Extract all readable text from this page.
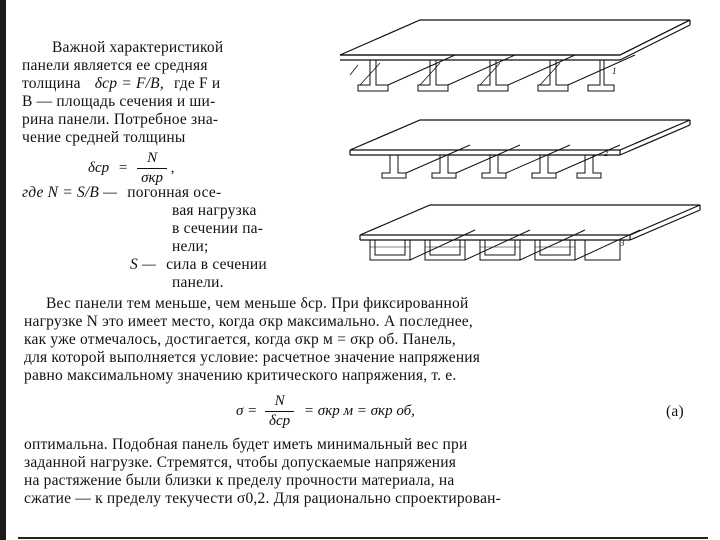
Важной характеристикой
панели является ее средняя
толщина δср = F/B, где F и
B — площадь сечения и ши-
рина панели. Потребное зна-
чение средней толщины
$\delta ср = \frac{N}{\text{σкр}}$ ,
где N = S/B — погонная осе-
вая нагрузка
в сечении па-
нели;
S — сила в сечении
панели.
1
2
3
Вес панели тем меньше, чем меньше δср. При фиксированной
нагрузке N это имеет место, когда σкр максимально. А последнее,
как уже отмечалось, достигается, когда σкр м = σкр об. Панель,
для которой выполняется условие: расчетное значение напряжения
равно максимальному значению критического напряжения, т. е.
$\sigma = \frac{N}{\text{δср}} = \sigma кр$ м = σкр об,	(а)
оптимальна. Подобная панель будет иметь минимальный вес при
заданной нагрузке. Стремятся, чтобы допускаемые напряжения
на растяжение были близки к пределу прочности материала, на
сжатие — к пределу текучести σ0,2. Для рационально спроектирован-
